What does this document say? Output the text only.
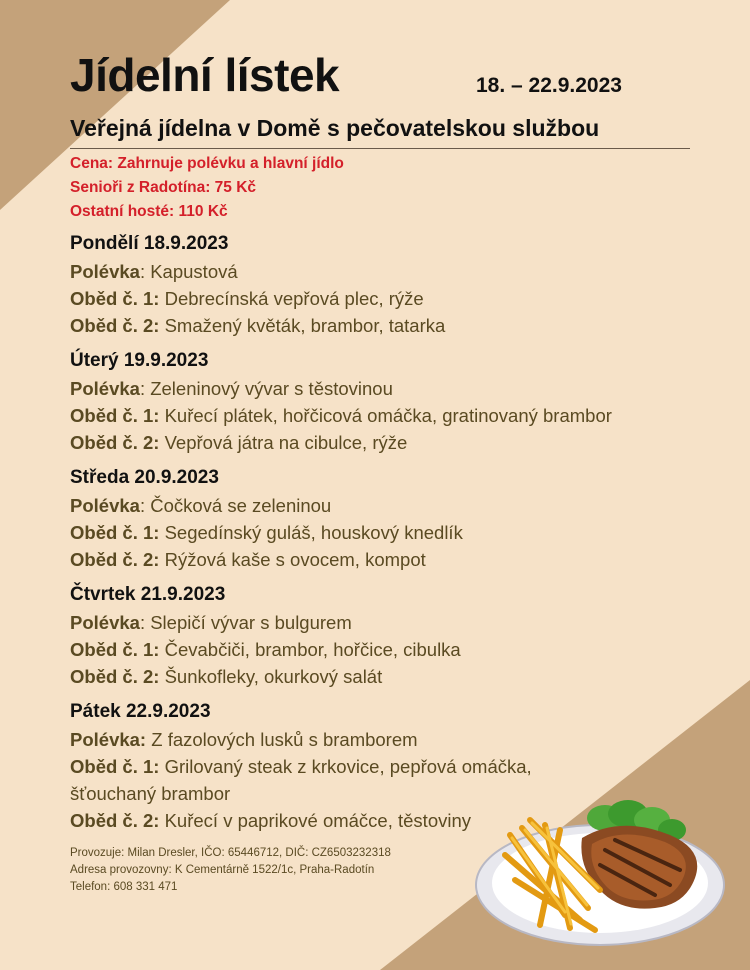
Jídelní lístek	18. – 22.9.2023
Veřejná jídelna v Domě s pečovatelskou službou
Cena: Zahrnuje polévku a hlavní jídlo
Senioři z Radotína: 75 Kč
Ostatní hosté: 110 Kč
Pondělí 18.9.2023
Polévka: Kapustová
Oběd č. 1: Debrecínská vepřová plec, rýže
Oběd č. 2: Smažený květák, brambor, tatarka
Úterý 19.9.2023
Polévka: Zeleninový vývar s těstovinou
Oběd č. 1: Kuřecí plátek, hořčicová omáčka, gratinovaný brambor
Oběd č. 2: Vepřová játra na cibulce, rýže
Středa 20.9.2023
Polévka: Čočková se zeleninou
Oběd č. 1: Segedínský guláš, houskový knedlík
Oběd č. 2: Rýžová kaše s ovocem, kompot
Čtvrtek 21.9.2023
Polévka: Slepičí vývar s bulgurem
Oběd č. 1: Čevabčiči, brambor, hořčice, cibulka
Oběd č. 2: Šunkofleky, okurkový salát
Pátek 22.9.2023
Polévka: Z fazolových lusků s bramborem
Oběd č. 1: Grilovaný steak z krkovice, pepřová omáčka, šťouchaný brambor
Oběd č. 2: Kuřecí v paprikové omáčce, těstoviny
Provozuje: Milan Dresler, IČO: 65446712, DIČ: CZ6503232318
Adresa provozovny: K Cementárně 1522/1c, Praha-Radotín
Telefon: 608 331 471
